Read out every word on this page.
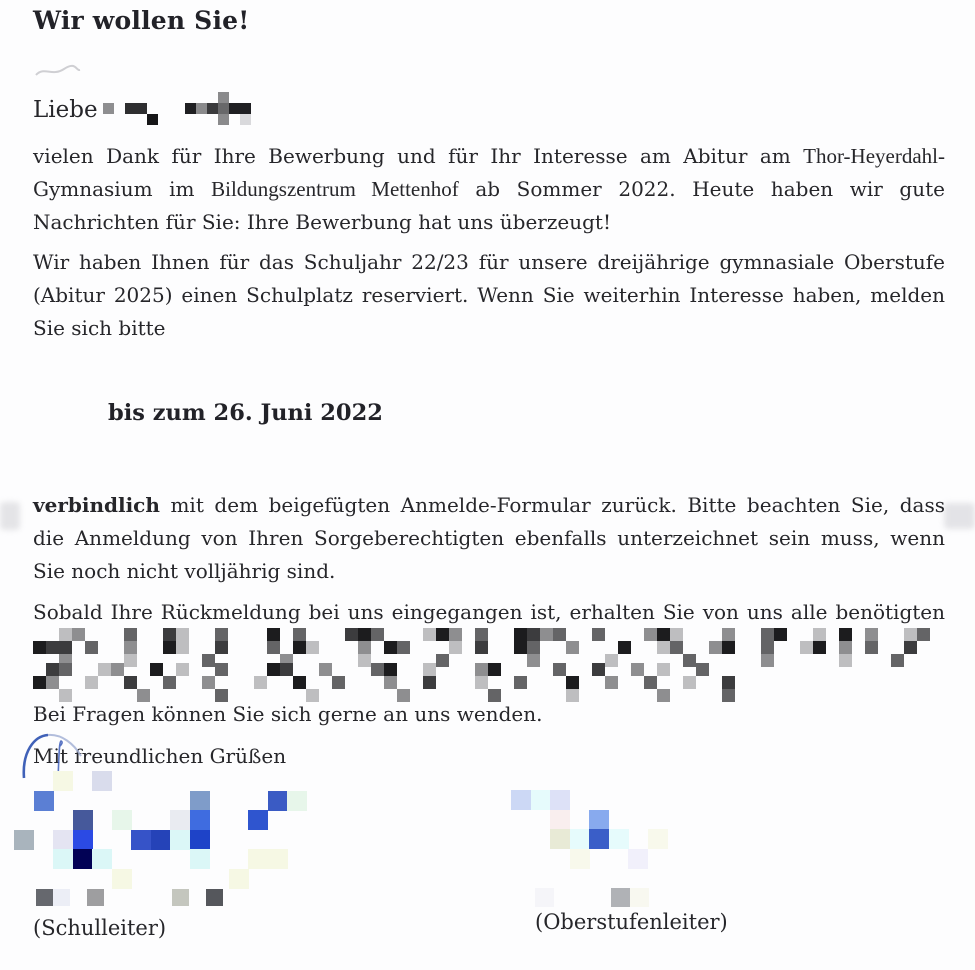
Wir wollen Sie!
Liebe
vielen Dank für Ihre Bewerbung und für Ihr Interesse am Abitur am Thor-Heyerdahl-
Gymnasium im Bildungszentrum Mettenhof ab Sommer 2022. Heute haben wir gute
Nachrichten für Sie: Ihre Bewerbung hat uns überzeugt!
Wir haben Ihnen für das Schuljahr 22/23 für unsere dreijährige gymnasiale Oberstufe
(Abitur 2025) einen Schulplatz reserviert. Wenn Sie weiterhin Interesse haben, melden
Sie sich bitte
bis zum 26. Juni 2022
verbindlich mit dem beigefügten Anmelde-Formular zurück. Bitte beachten Sie, dass
die Anmeldung von Ihren Sorgeberechtigten ebenfalls unterzeichnet sein muss, wenn
Sie noch nicht volljährig sind.
Sobald Ihre Rückmeldung bei uns eingegangen ist, erhalten Sie von uns alle benötigten
Bei Fragen können Sie sich gerne an uns wenden.
Mit freundlichen Grüßen
(Schulleiter)	(Oberstufenleiter)
